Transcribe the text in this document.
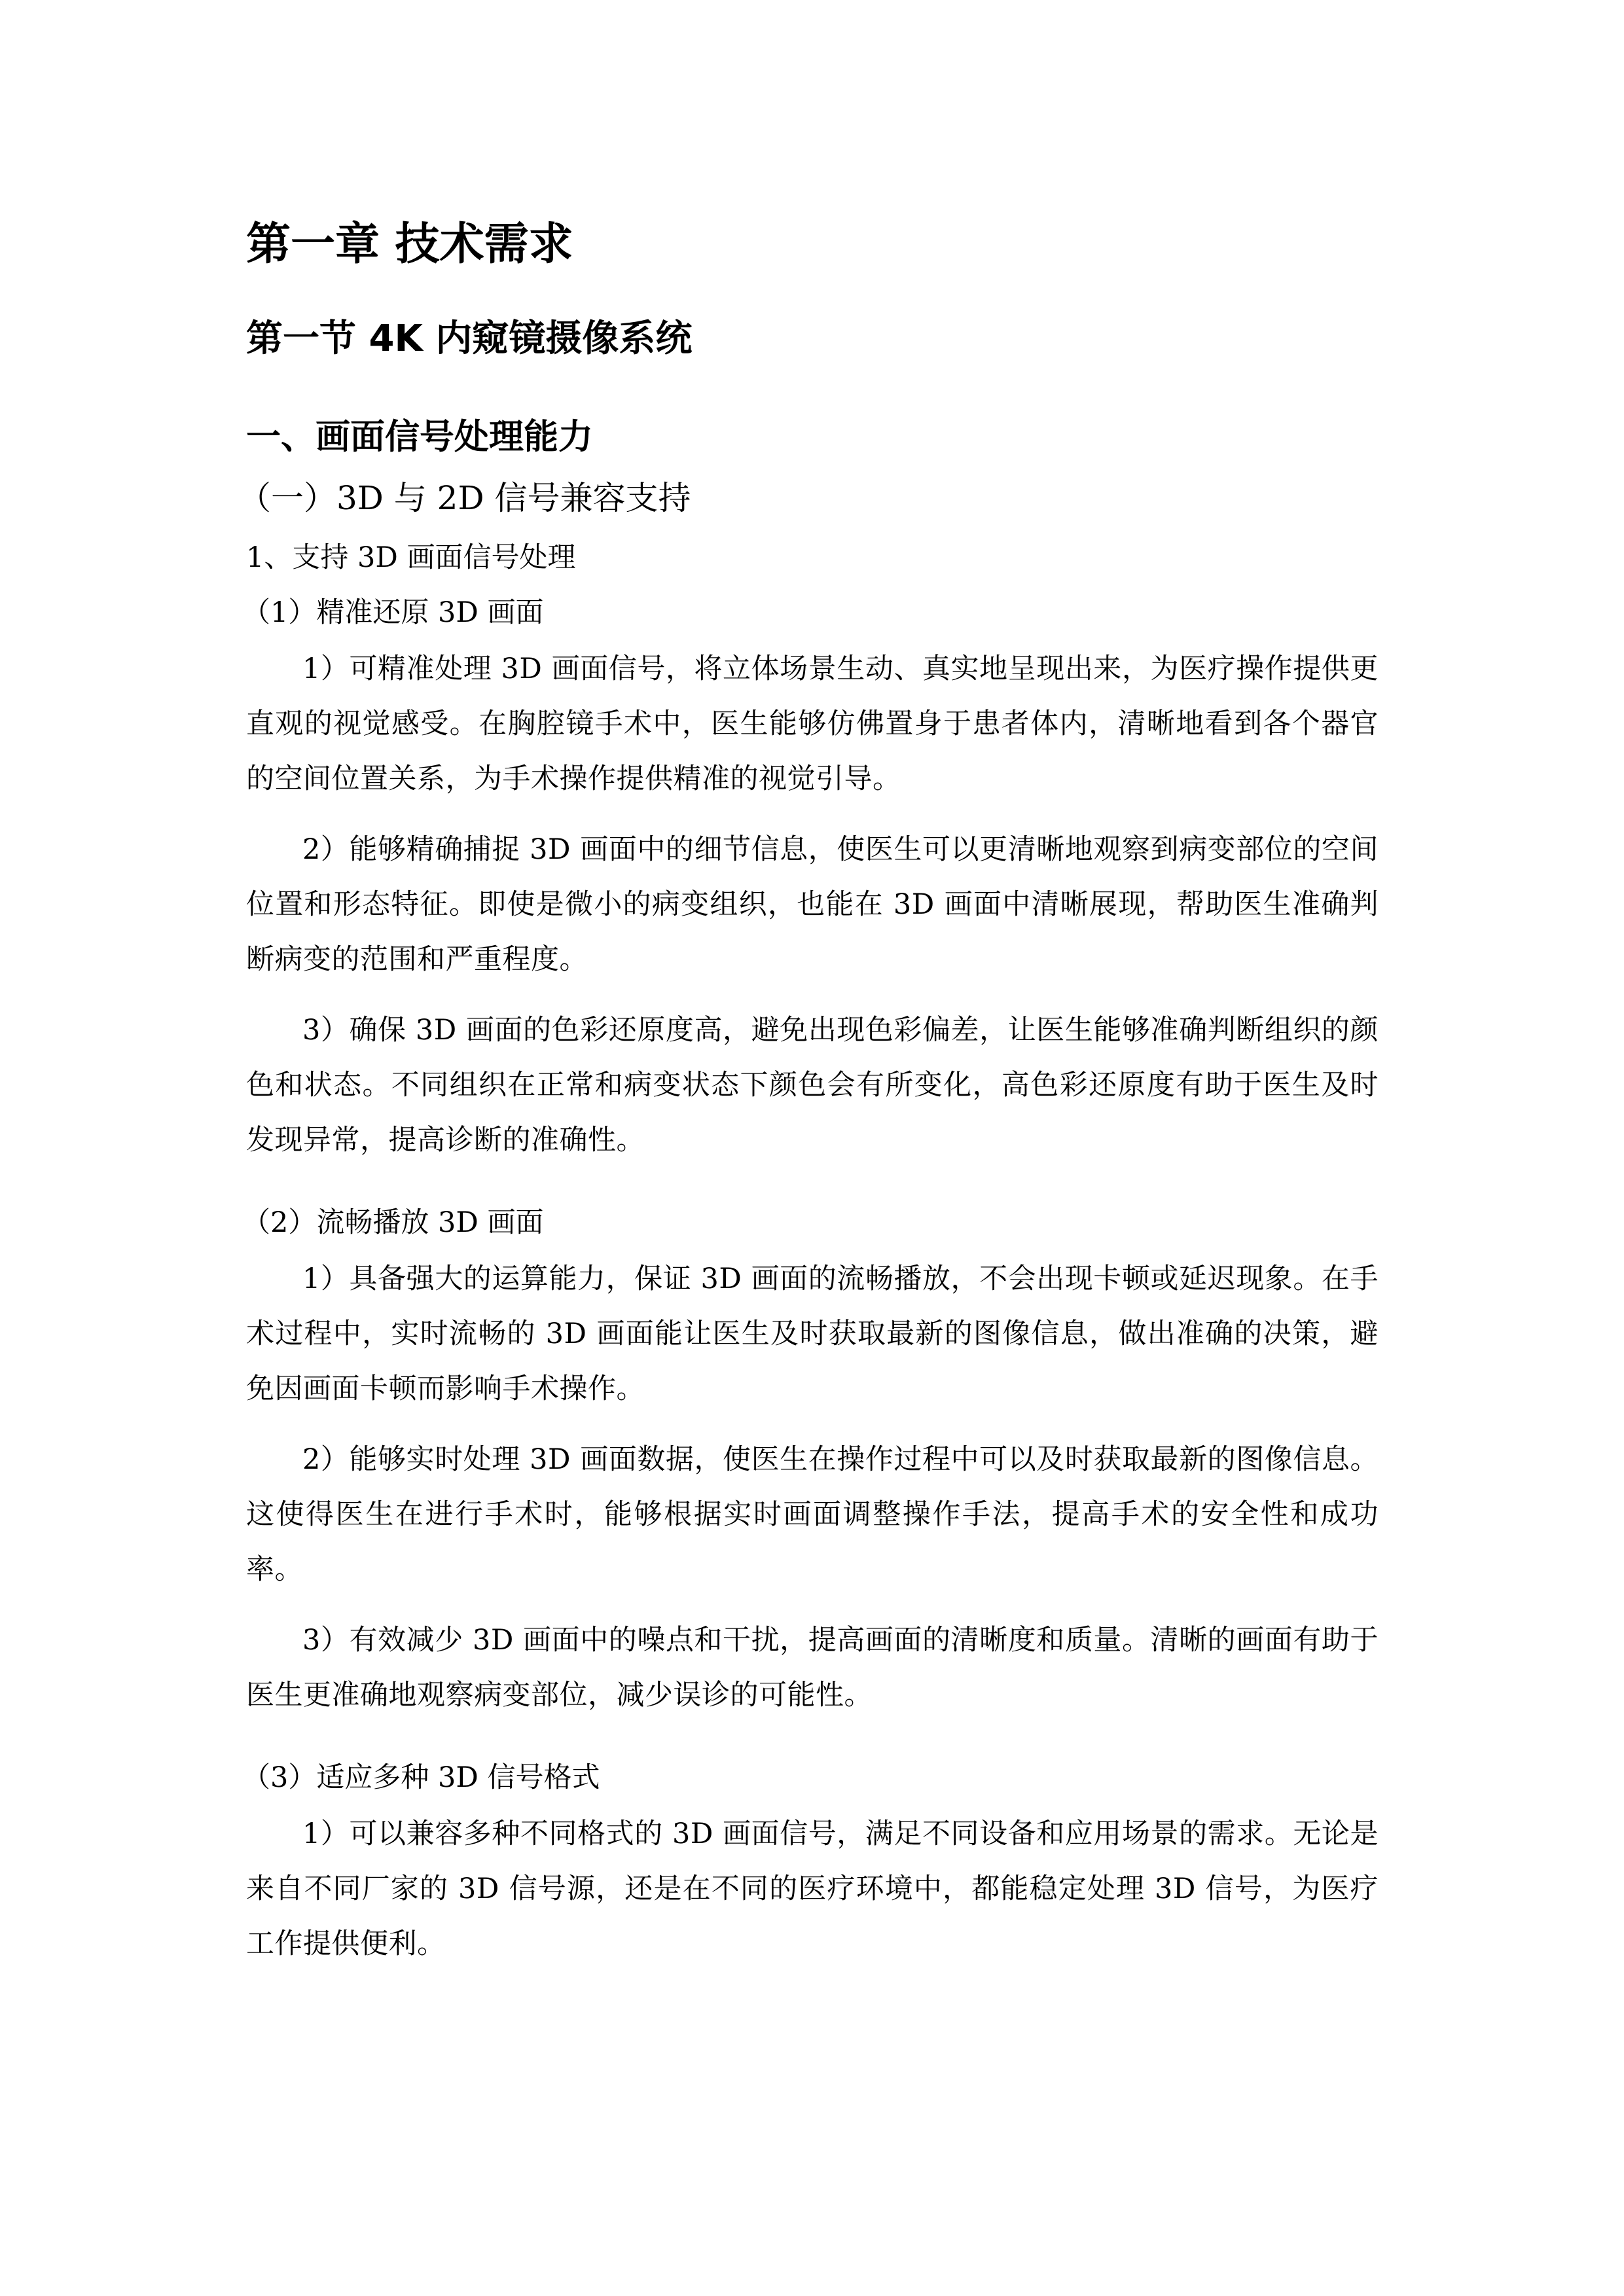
第一章 技术需求
第一节 4K 内窥镜摄像系统
一、画面信号处理能力
（一）3D 与 2D 信号兼容支持
1、支持 3D 画面信号处理
（1）精准还原 3D 画面

1）可精准处理 3D 画面信号，将立体场景生动、真实地呈现出来，为医疗操作提供更直观的视觉感受。在胸腔镜手术中，医生能够仿佛置身于患者体内，清晰地看到各个器官的空间位置关系，为手术操作提供精准的视觉引导。

2）能够精确捕捉 3D 画面中的细节信息，使医生可以更清晰地观察到病变部位的空间位置和形态特征。即使是微小的病变组织，也能在 3D 画面中清晰展现，帮助医生准确判断病变的范围和严重程度。

3）确保 3D 画面的色彩还原度高，避免出现色彩偏差，让医生能够准确判断组织的颜色和状态。不同组织在正常和病变状态下颜色会有所变化，高色彩还原度有助于医生及时发现异常，提高诊断的准确性。

（2）流畅播放 3D 画面

1）具备强大的运算能力，保证 3D 画面的流畅播放，不会出现卡顿或延迟现象。在手术过程中，实时流畅的 3D 画面能让医生及时获取最新的图像信息，做出准确的决策，避免因画面卡顿而影响手术操作。

2）能够实时处理 3D 画面数据，使医生在操作过程中可以及时获取最新的图像信息。这使得医生在进行手术时，能够根据实时画面调整操作手法，提高手术的安全性和成功率。

3）有效减少 3D 画面中的噪点和干扰，提高画面的清晰度和质量。清晰的画面有助于医生更准确地观察病变部位，减少误诊的可能性。

（3）适应多种 3D 信号格式

1）可以兼容多种不同格式的 3D 画面信号，满足不同设备和应用场景的需求。无论是来自不同厂家的 3D 信号源，还是在不同的医疗环境中，都能稳定处理 3D 信号，为医疗工作提供便利。
